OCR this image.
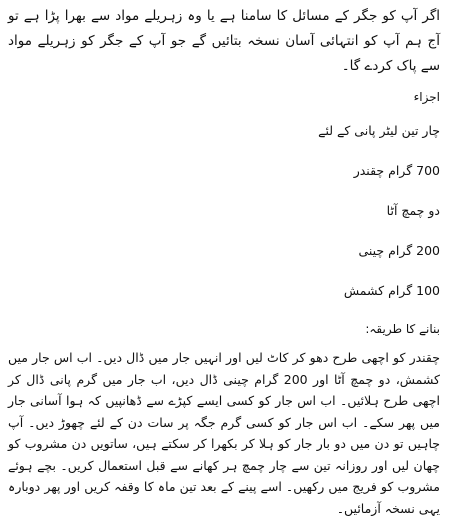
اگر آپ کو جگر کے مسائل کا سامنا ہے یا وہ زہریلے مواد سے بھرا پڑا ہے تو آج ہم آپ کو انتہائی آسان نسخہ بتائیں گے جو آپ کے جگر کو زہریلے مواد سے پاک کردے گا۔

اجزاء

چار تین لیٹر پانی کے لئے
700 گرام چقندر
دو چمچ آٹا
200 گرام چینی
100 گرام کشمش

بنانے کا طریقہ:

چقندر کو اچھی طرح دھو کر کاٹ لیں اور انہیں جار میں ڈال دیں۔ اب اس جار میں کشمش، دو چمچ آٹا اور 200 گرام چینی ڈال دیں، اب جار میں گرم پانی ڈال کر اچھی طرح ہلائیں۔ اب اس جار کو کسی ایسے کپڑے سے ڈھانپیں کہ ہوا آسانی جار میں پھر سکے۔ اب اس جار کو کسی گرم جگہ پر سات دن کے لئے چھوڑ دیں۔ آپ چاہیں تو دن میں دو بار جار کو ہلا کر بکھرا کر سکتے ہیں، ساتویں دن مشروب کو چھان لیں اور روزانہ تین سے چار چمچ ہر کھانے سے قبل استعمال کریں۔ بچے ہوئے مشروب کو فریج میں رکھیں۔ اسے پینے کے بعد تین ماہ کا وقفہ کریں اور پھر دوبارہ یہی نسخہ آزمائیں۔
